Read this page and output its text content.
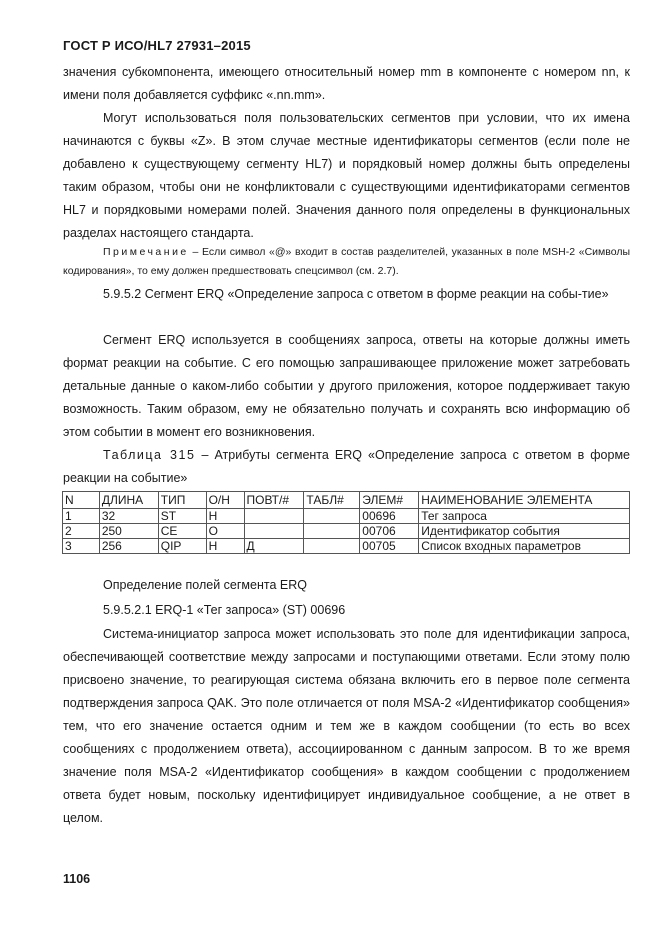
ГОСТ Р ИСО/HL7 27931–2015
значения субкомпонента, имеющего относительный номер mm в компоненте с номером nn, к имени поля добавляется суффикс «.nn.mm».
Могут использоваться поля пользовательских сегментов при условии, что их имена начинаются с буквы «Z». В этом случае местные идентификаторы сегментов (если поле не добавлено к существующему сегменту HL7) и порядковый номер должны быть определены таким образом, чтобы они не конфликтовали с существующими идентификаторами сегментов HL7 и порядковыми номерами полей. Значения данного поля определены в функциональных разделах настоящего стандарта.
Примечание – Если символ «@» входит в состав разделителей, указанных в поле MSH-2 «Символы кодирования», то ему должен предшествовать спецсимвол (см. 2.7).
5.9.5.2 Сегмент ERQ «Определение запроса с ответом в форме реакции на собы-тие»
Сегмент ERQ используется в сообщениях запроса, ответы на которые должны иметь формат реакции на событие. С его помощью запрашивающее приложение может затребовать детальные данные о каком-либо событии у другого приложения, которое поддерживает такую возможность. Таким образом, ему не обязательно получать и сохранять всю информацию об этом событии в момент его возникновения.
Таблица 315 – Атрибуты сегмента ERQ «Определение запроса с ответом в форме реакции на событие»
N	ДЛИНА	ТИП	О/Н	ПОВТ/#	ТАБЛ#	ЭЛЕМ#	НАИМЕНОВАНИЕ ЭЛЕМЕНТА
1	32	ST	Н			00696	Тег запроса
2	250	CE	О			00706	Идентификатор события
3	256	QIP	Н	Д		00705	Список входных параметров
Определение полей сегмента ERQ
5.9.5.2.1 ERQ-1 «Тег запроса» (ST) 00696
Система-инициатор запроса может использовать это поле для идентификации запроса, обеспечивающей соответствие между запросами и поступающими ответами. Если этому полю присвоено значение, то реагирующая система обязана включить его в первое поле сегмента подтверждения запроса QAK. Это поле отличается от поля MSA-2 «Идентификатор сообщения» тем, что его значение остается одним и тем же в каждом сообщении (то есть во всех сообщениях с продолжением ответа), ассоциированном с данным запросом. В то же время значение поля MSA-2 «Идентификатор сообщения» в каждом сообщении с продолжением ответа будет новым, поскольку идентифицирует индивидуальное сообщение, а не ответ в целом.
1106
